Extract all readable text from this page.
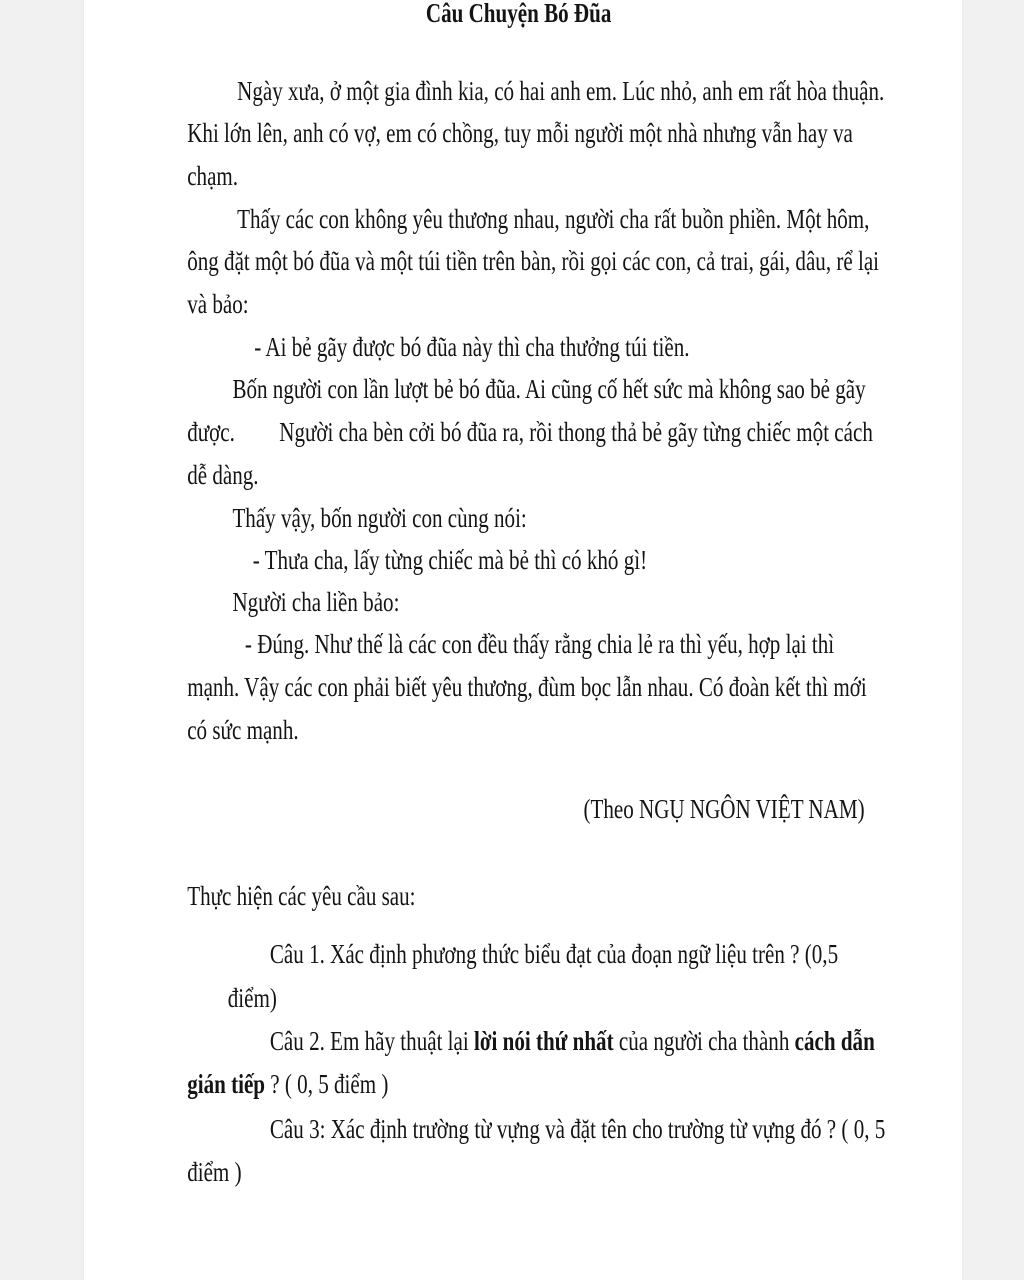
Câu Chuyện Bó Đũa
Ngày xưa, ở một gia đình kia, có hai anh em. Lúc nhỏ, anh em rất hòa thuận.
Khi lớn lên, anh có vợ, em có chồng, tuy mỗi người một nhà nhưng vẫn hay va
chạm.
Thấy các con không yêu thương nhau, người cha rất buồn phiền. Một hôm,
ông đặt một bó đũa và một túi tiền trên bàn, rồi gọi các con, cả trai, gái, dâu, rể lại
và bảo:
- Ai bẻ gãy được bó đũa này thì cha thưởng túi tiền.
Bốn người con lần lượt bẻ bó đũa. Ai cũng cố hết sức mà không sao bẻ gãy
được. Người cha bèn cởi bó đũa ra, rồi thong thả bẻ gãy từng chiếc một cách
dễ dàng.
Thấy vậy, bốn người con cùng nói:
- Thưa cha, lấy từng chiếc mà bẻ thì có khó gì!
Người cha liền bảo:
- Đúng. Như thế là các con đều thấy rằng chia lẻ ra thì yếu, hợp lại thì
mạnh. Vậy các con phải biết yêu thương, đùm bọc lẫn nhau. Có đoàn kết thì mới
có sức mạnh.
(Theo NGỤ NGÔN VIỆT NAM)
Thực hiện các yêu cầu sau:
Câu 1. Xác định phương thức biểu đạt của đoạn ngữ liệu trên ? (0,5
điểm)
Câu 2. Em hãy thuật lại lời nói thứ nhất của người cha thành cách dẫn
gián tiếp ? ( 0, 5 điểm )
Câu 3: Xác định trường từ vựng và đặt tên cho trường từ vựng đó ? ( 0, 5
điểm )
